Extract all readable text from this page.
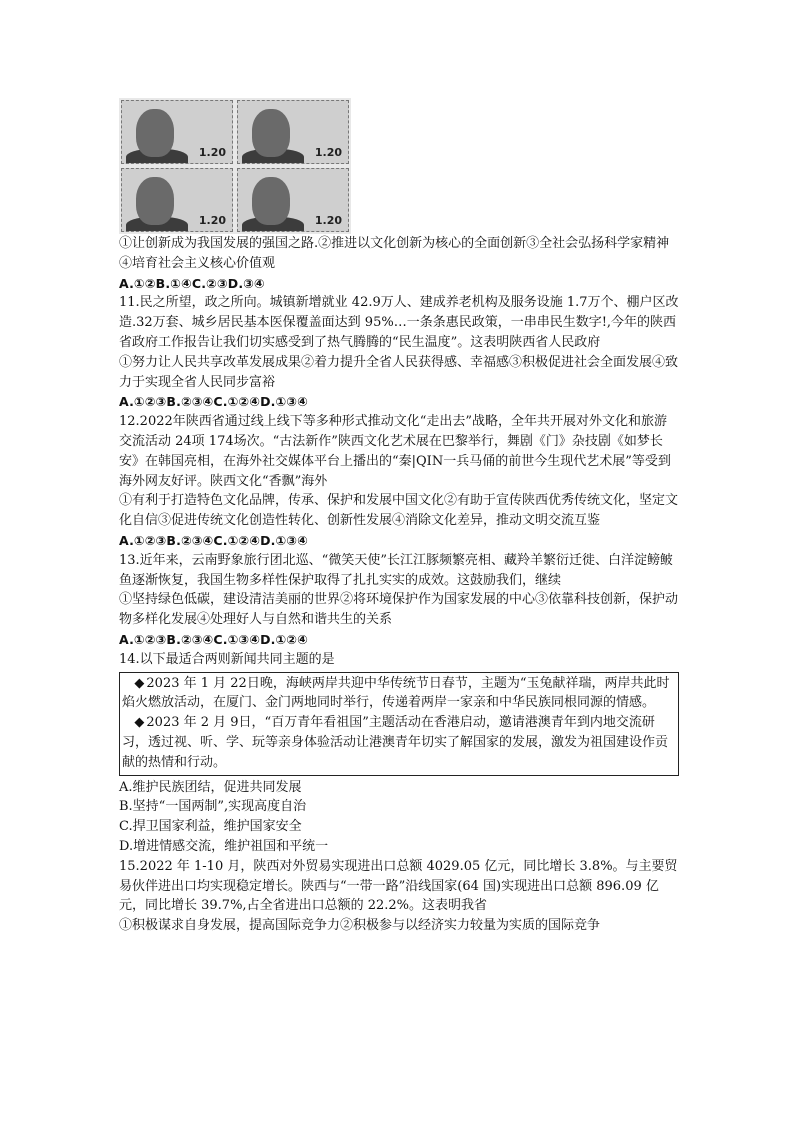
1.20	1.20
1.20	1.20

①让创新成为我国发展的强国之路.②推进以文化创新为核心的全面创新③全社会弘扬科学家精神④培育社会主义核心价值观

A.①②B.①④C.②③D.③④

11.民之所望，政之所向。城镇新增就业 42.9万人、建成养老机构及服务设施 1.7万个、棚户区改造.32万套、城乡居民基本医保覆盖面达到 95%…一条条惠民政策，一串串民生数字!,今年的陕西省政府工作报告让我们切实感受到了热气腾腾的“民生温度”。这表明陕西省人民政府

①努力让人民共享改革发展成果②着力提升全省人民获得感、幸福感③积极促进社会全面发展④致力于实现全省人民同步富裕

A.①②③B.②③④C.①②④D.①③④

12.2022年陕西省通过线上线下等多种形式推动文化“走出去”战略，全年共开展对外文化和旅游交流活动 24项 174场次。“古法新作”陕西文化艺术展在巴黎举行，舞剧《门》杂技剧《如梦长安》在韩国亮相，在海外社交媒体平台上播出的“秦|QIN一兵马俑的前世今生现代艺术展”等受到海外网友好评。陕西文化“香飘”海外

①有利于打造特色文化品牌，传承、保护和发展中国文化②有助于宣传陕西优秀传统文化，坚定文化自信③促进传统文化创造性转化、创新性发展④消除文化差异，推动文明交流互鉴

A.①②③B.②③④C.①②④D.①③④

13.近年来，云南野象旅行团北巡、“微笑天使”长江江豚频繁亮相、藏羚羊繁衍迁徙、白洋淀鳑鲏鱼逐渐恢复，我国生物多样性保护取得了扎扎实实的成效。这鼓励我们，继续

①坚持绿色低碳，建设清洁美丽的世界②将环境保护作为国家发展的中心③依靠科技创新，保护动物多样化发展④处理好人与自然和谐共生的关系

A.①②③B.②③④C.①③④D.①②④

14.以下最适合两则新闻共同主题的是

◆ 2023 年 1 月 22日晚，海峡两岸共迎中华传统节日春节，主题为“玉兔献祥瑞，两岸共此时焰火燃放活动，在厦门、金门两地同时举行，传递着两岸一家亲和中华民族同根同源的情感。

◆ 2023 年 2 月 9日，“百万青年看祖国”主题活动在香港启动，邀请港澳青年到内地交流研习，透过视、听、学、玩等亲身体验活动让港澳青年切实了解国家的发展，激发为祖国建设作贡献的热情和行动。

A.维护民族团结，促进共同发展

B.坚持“一国两制”,实现高度自治

C.捍卫国家利益，维护国家安全

D.增进情感交流，维护祖国和平统一

15.2022 年 1-10 月，陕西对外贸易实现进出口总额 4029.05 亿元，同比增长 3.8%。与主要贸易伙伴进出口均实现稳定增长。陕西与“一带一路”沿线国家(64 国)实现进出口总额 896.09 亿元，同比增长 39.7%,占全省进出口总额的 22.2%。这表明我省

①积极谋求自身发展，提高国际竞争力②积极参与以经济实力较量为实质的国际竞争
